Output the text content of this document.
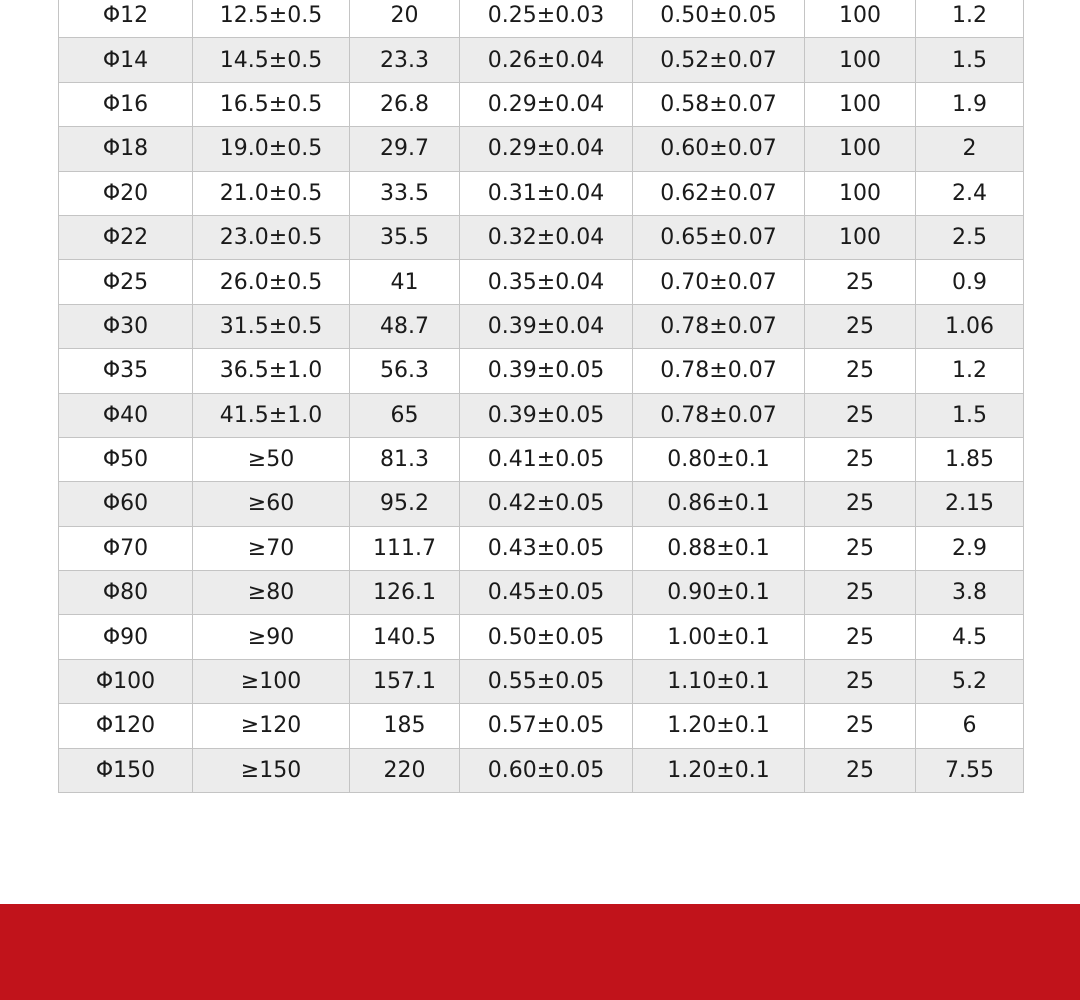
Φ12	12.5±0.5	20	0.25±0.03	0.50±0.05	100	1.2
Φ14	14.5±0.5	23.3	0.26±0.04	0.52±0.07	100	1.5
Φ16	16.5±0.5	26.8	0.29±0.04	0.58±0.07	100	1.9
Φ18	19.0±0.5	29.7	0.29±0.04	0.60±0.07	100	2
Φ20	21.0±0.5	33.5	0.31±0.04	0.62±0.07	100	2.4
Φ22	23.0±0.5	35.5	0.32±0.04	0.65±0.07	100	2.5
Φ25	26.0±0.5	41	0.35±0.04	0.70±0.07	25	0.9
Φ30	31.5±0.5	48.7	0.39±0.04	0.78±0.07	25	1.06
Φ35	36.5±1.0	56.3	0.39±0.05	0.78±0.07	25	1.2
Φ40	41.5±1.0	65	0.39±0.05	0.78±0.07	25	1.5
Φ50	≥50	81.3	0.41±0.05	0.80±0.1	25	1.85
Φ60	≥60	95.2	0.42±0.05	0.86±0.1	25	2.15
Φ70	≥70	111.7	0.43±0.05	0.88±0.1	25	2.9
Φ80	≥80	126.1	0.45±0.05	0.90±0.1	25	3.8
Φ90	≥90	140.5	0.50±0.05	1.00±0.1	25	4.5
Φ100	≥100	157.1	0.55±0.05	1.10±0.1	25	5.2
Φ120	≥120	185	0.57±0.05	1.20±0.1	25	6
Φ150	≥150	220	0.60±0.05	1.20±0.1	25	7.55
